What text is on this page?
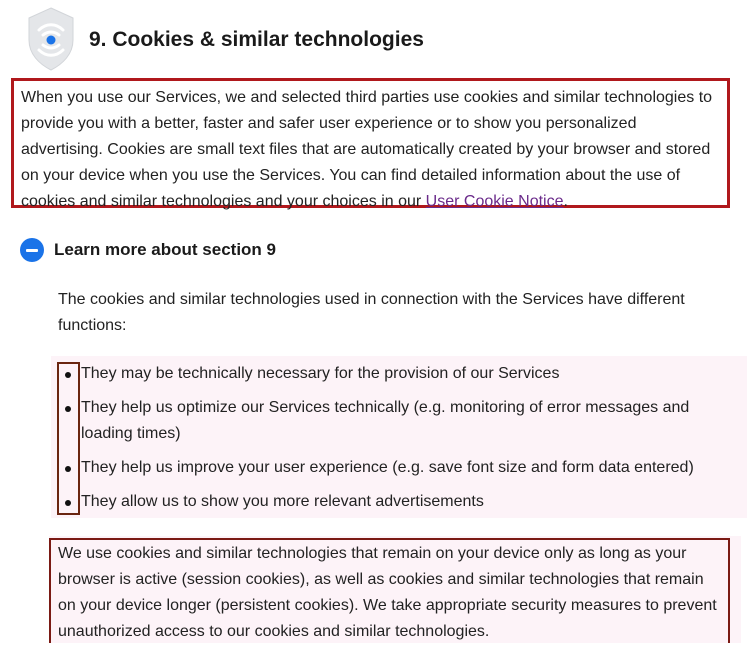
9. Cookies & similar technologies

When you use our Services, we and selected third parties use cookies and similar technologies to provide you with a better, faster and safer user experience or to show you personalized advertising. Cookies are small text files that are automatically created by your browser and stored on your device when you use the Services. You can find detailed information about the use of cookies and similar technologies and your choices in our User Cookie Notice.

Learn more about section 9

The cookies and similar technologies used in connection with the Services have different functions:

They may be technically necessary for the provision of our Services
They help us optimize our Services technically (e.g. monitoring of error messages and loading times)
They help us improve your user experience (e.g. save font size and form data entered)
They allow us to show you more relevant advertisements

We use cookies and similar technologies that remain on your device only as long as your browser is active (session cookies), as well as cookies and similar technologies that remain on your device longer (persistent cookies). We take appropriate security measures to prevent unauthorized access to our cookies and similar technologies.
